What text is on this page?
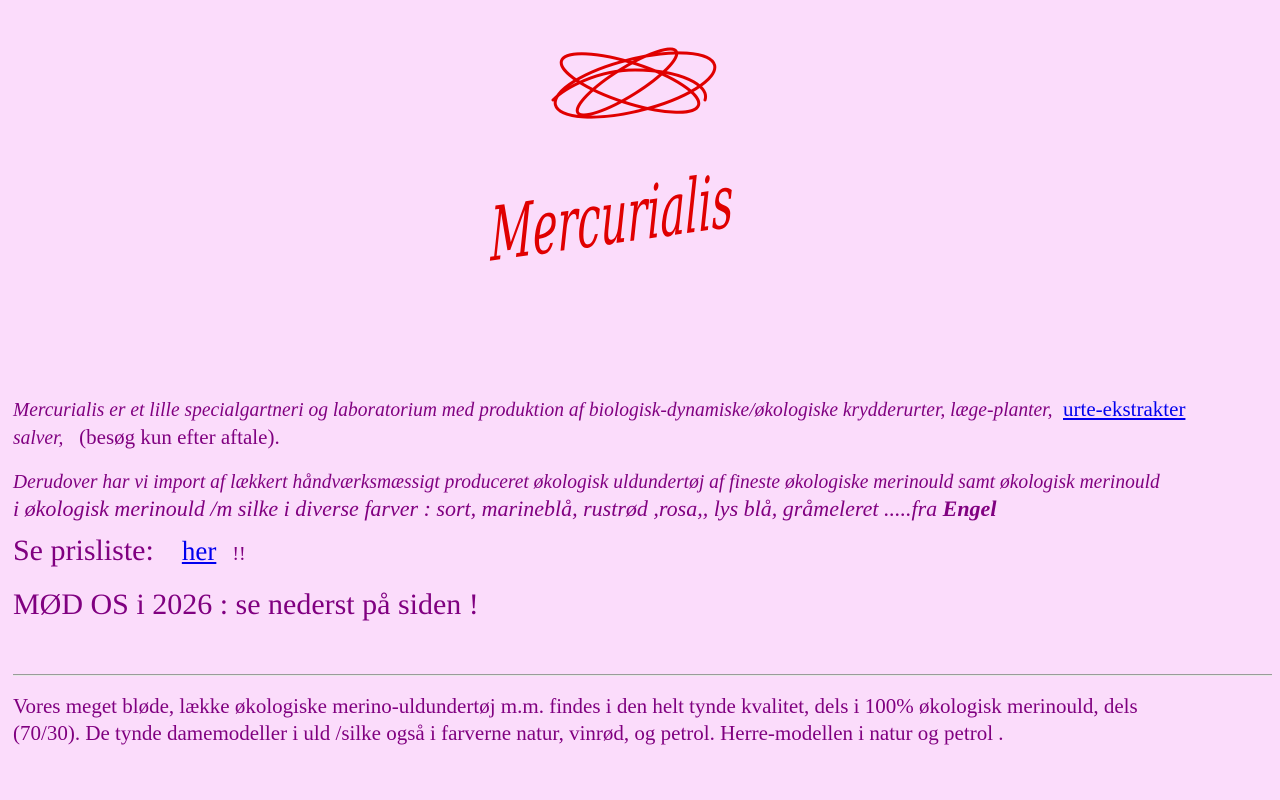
Mercurialis

Mercurialis er et lille specialgartneri og laboratorium med produktion af biologisk-dynamiske/økologiske krydderurter, læge-planter, urte-ekstrakter
salver, (besøg kun efter aftale).

Derudover har vi import af lækkert håndværksmæssigt produceret økologisk uldundertøj af fineste økologiske merinould samt økologisk merinould
i økologisk merinould /m silke i diverse farver : sort, marineblå, rustrød ,rosa,, lys blå, gråmeleret .....fra Engel

Se prisliste: her !!

MØD OS i 2026 : se nederst på siden !

Vores meget bløde, lække økologiske merino-uldundertøj m.m. findes i den helt tynde kvalitet, dels i 100% økologisk merinould, dels
(70/30). De tynde damemodeller i uld /silke også i farverne natur, vinrød, og petrol. Herre-modellen i natur og petrol .
